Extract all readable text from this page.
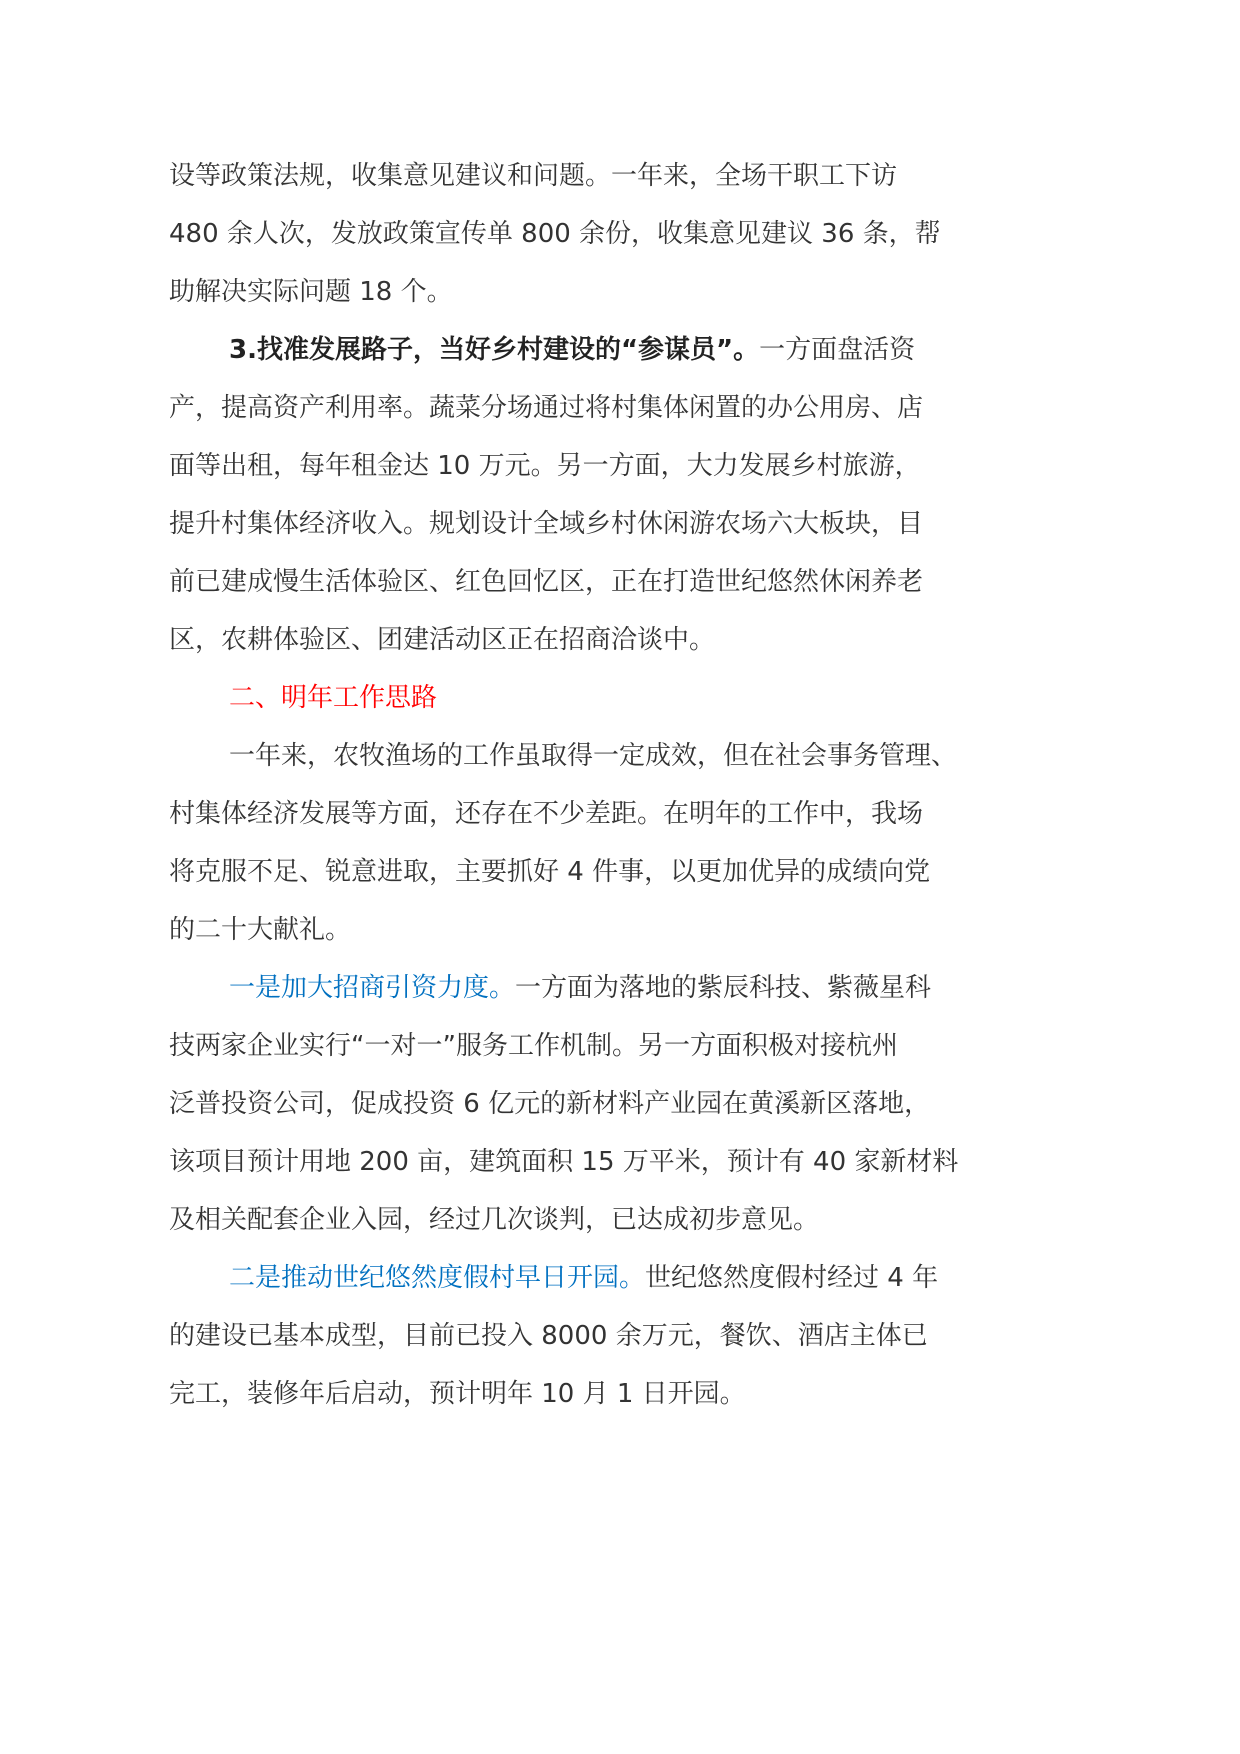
设等政策法规，收集意见建议和问题。一年来，全场干职工下访
480 余人次，发放政策宣传单 800 余份，收集意见建议 36 条，帮
助解决实际问题 18 个。
3.找准发展路子，当好乡村建设的“参谋员”。一方面盘活资
产，提高资产利用率。蔬菜分场通过将村集体闲置的办公用房、店
面等出租，每年租金达 10 万元。另一方面，大力发展乡村旅游，
提升村集体经济收入。规划设计全域乡村休闲游农场六大板块，目
前已建成慢生活体验区、红色回忆区，正在打造世纪悠然休闲养老
区，农耕体验区、团建活动区正在招商洽谈中。
二、明年工作思路
一年来，农牧渔场的工作虽取得一定成效，但在社会事务管理、
村集体经济发展等方面，还存在不少差距。在明年的工作中，我场
将克服不足、锐意进取，主要抓好 4 件事，以更加优异的成绩向党
的二十大献礼。
一是加大招商引资力度。一方面为落地的紫辰科技、紫薇星科
技两家企业实行“一对一”服务工作机制。另一方面积极对接杭州
泛普投资公司，促成投资 6 亿元的新材料产业园在黄溪新区落地，
该项目预计用地 200 亩，建筑面积 15 万平米，预计有 40 家新材料
及相关配套企业入园，经过几次谈判，已达成初步意见。
二是推动世纪悠然度假村早日开园。世纪悠然度假村经过 4 年
的建设已基本成型，目前已投入 8000 余万元，餐饮、酒店主体已
完工，装修年后启动，预计明年 10 月 1 日开园。
